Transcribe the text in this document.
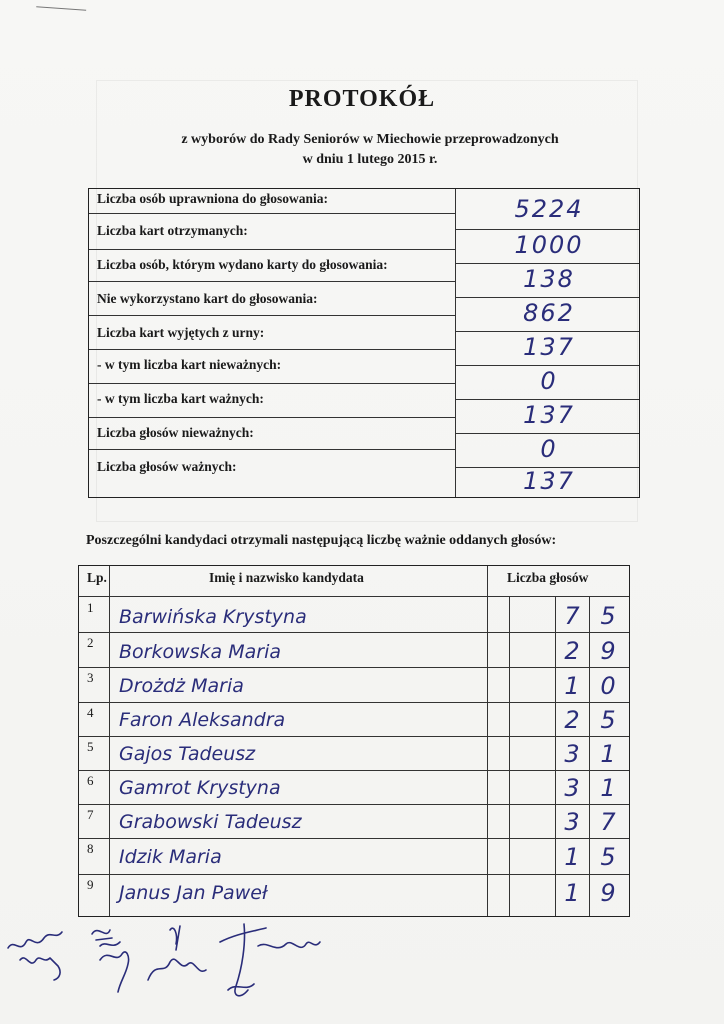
PROTOKÓŁ
z wyborów do Rady Seniorów w Miechowie przeprowadzonych
w dniu 1 lutego 2015 r.
Liczba osób uprawniona do głosowania:	5224
Liczba kart otrzymanych:
1000
Liczba osób, którym wydano karty do głosowania:
138
Nie wykorzystano kart do głosowania:
862
Liczba kart wyjętych z urny:
137
- w tym liczba kart nieważnych:
0
- w tym liczba kart ważnych:
137
Liczba głosów nieważnych:
0
Liczba głosów ważnych:
137
Poszczególni kandydaci otrzymali następującą liczbę ważnie oddanych głosów:
Lp.	Imię i nazwisko kandydata	Liczba głosów
1 Barwińska Krystyna	7 5
2 Borkowska Maria	2 9
3 Drożdż Maria	1 0
4 Faron Aleksandra	2 5
5 Gajos Tadeusz	3 1
6 Gamrot Krystyna	3 1
7 Grabowski Tadeusz	3 7
8 Idzik Maria	1 5
9 Janus Jan Paweł	1 9
